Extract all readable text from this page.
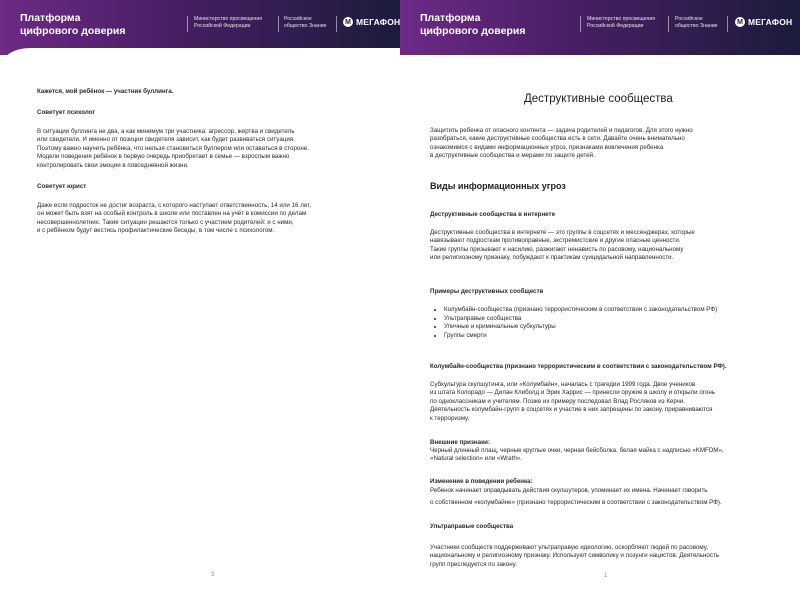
Платформа
цифрового доверия
Министерство просвещения
Российской Федерации
Российское
общество Знание
М МЕГАФОН
Кажется, мой ребёнок — участник буллинга.
Советует психолог
В ситуации буллинга не два, а как минимум три участника: агрессор, жертва и свидетель
или свидетели. И именно от позиции свидетеля зависит, как будет развиваться ситуация.
Поэтому важно научить ребёнка, что нельзя становиться буллером или оставаться в стороне.
Модели поведения ребёнок в первую очередь приобретает в семье — взрослым важно
контролировать свои эмоции в повседневной жизни.
Советует юрист
Даже если подросток не достиг возраста, с которого наступает ответственность, 14 или 16 лет,
он может быть взят на особый контроль в школе или поставлен на учёт в комиссии по делам
несовершеннолетних. Такие ситуации решаются только с участием родителей: и с ними,
и с ребёнком будут вестись профилактические беседы, в том числе с психологом.
3
Платформа
цифрового доверия
Министерство просвещения
Российской Федерации
Российское
общество Знание
М МЕГАФОН
Деструктивные сообщества
Защитить ребенка от опасного контента — задача родителей и педагогов. Для этого нужно
разобраться, какие деструктивные сообщества есть в сети. Давайте очень внимательно
ознакомимся с видами информационных угроз, признаками вовлечения ребенка
в деструктивные сообщества и мерами по защите детей.
Виды информационных угроз
Деструктивные сообщества в интернете
Деструктивные сообщества в интернете — это группы в соцсетях и мессенджерах, которые
навязывают подросткам противоправные, экстремистские и другие опасные ценности.
Такие группы призывают к насилию, разжигают ненависть по расовому, национальному
или религиозному признаку, побуждают к практикам суицидальной направленности.
Примеры деструктивных сообществ
• Колумбайн-сообщества (признано террористическим в соответствии с законодательством РФ)
• Ультраправые сообщества
• Уличные и криминальные субкультуры
• Группы смерти
Колумбайн-сообщества (признано террористическим в соответствии с законодательством РФ).
Субкультура скулшутинга, или «Колумбайн», началась с трагедии 1999 года. Двое учеников
из штата Колорадо — Дилан Клиболд и Эрик Харрис — принесли оружие в школу и открыли огонь
по одноклассникам и учителям. Позже их примеру последовал Влад Росляков из Керчи.
Деятельность колумбайн-групп в соцсетях и участие в них запрещены по закону, приравниваются
к терроризму.
Внешние признаки:
Черный длинный плащ, черные круглые очки, черная бейсболка, белая майка с надписью «KMFDM»,
«Natural selection» или «Wrath».
Изменение в поведении ребенка:
Ребенок начинает оправдывать действия скулшутеров, упоминает их имена. Начинает говорить
о собственном «колумбайне» (признано террористическим в соответствии с законодательством РФ).
Ультраправые сообщества
Участники сообществ поддерживают ультраправую идеологию, оскорбляют людей по расовому,
национальному и религиозному признаку. Используют символику и лозунги нацистов. Деятельность
групп преследуется по закону.
1
